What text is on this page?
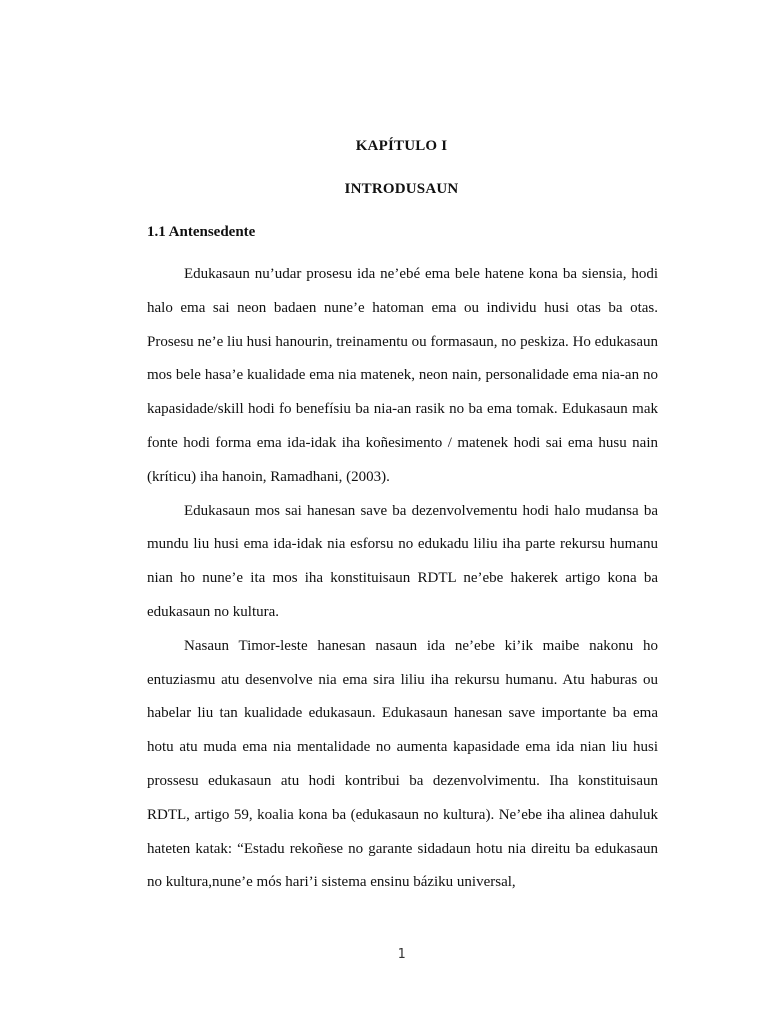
KAPÍTULO I
INTRODUSAUN
1.1 Antensedente

Edukasaun nu’udar prosesu ida ne’ebé ema bele hatene kona ba siensia, hodi halo ema sai neon badaen nune’e hatoman ema ou individu husi otas ba otas. Prosesu ne’e liu husi hanourin, treinamentu ou formasaun, no peskiza. Ho edukasaun mos bele hasa’e kualidade ema nia matenek, neon nain, personalidade ema nia-an no kapasidade/skill hodi fo benefísiu ba nia-an rasik no ba ema tomak. Edukasaun mak fonte hodi forma ema ida-idak iha koñesimento / matenek hodi sai ema husu nain (kríticu) iha hanoin, Ramadhani, (2003).

Edukasaun mos sai hanesan save ba dezenvolvementu hodi halo mudansa ba mundu liu husi ema ida-idak nia esforsu no edukadu liliu iha parte rekursu humanu nian ho nune’e ita mos iha konstituisaun RDTL ne’ebe hakerek artigo kona ba edukasaun no kultura.

Nasaun Timor-leste hanesan nasaun ida ne’ebe ki’ik maibe nakonu ho entuziasmu atu desenvolve nia ema sira liliu iha rekursu humanu. Atu haburas ou habelar liu tan kualidade edukasaun. Edukasaun hanesan save importante ba ema hotu atu muda ema nia mentalidade no aumenta kapasidade ema ida nian liu husi prossesu edukasaun atu hodi kontribui ba dezenvolvimentu. Iha konstituisaun RDTL, artigo 59, koalia kona ba (edukasaun no kultura). Ne’ebe iha alinea dahuluk hateten katak: “Estadu rekoñese no garante sidadaun hotu nia direitu ba edukasaun no kultura,nune’e mós hari’i sistema ensinu báziku universal,

1
